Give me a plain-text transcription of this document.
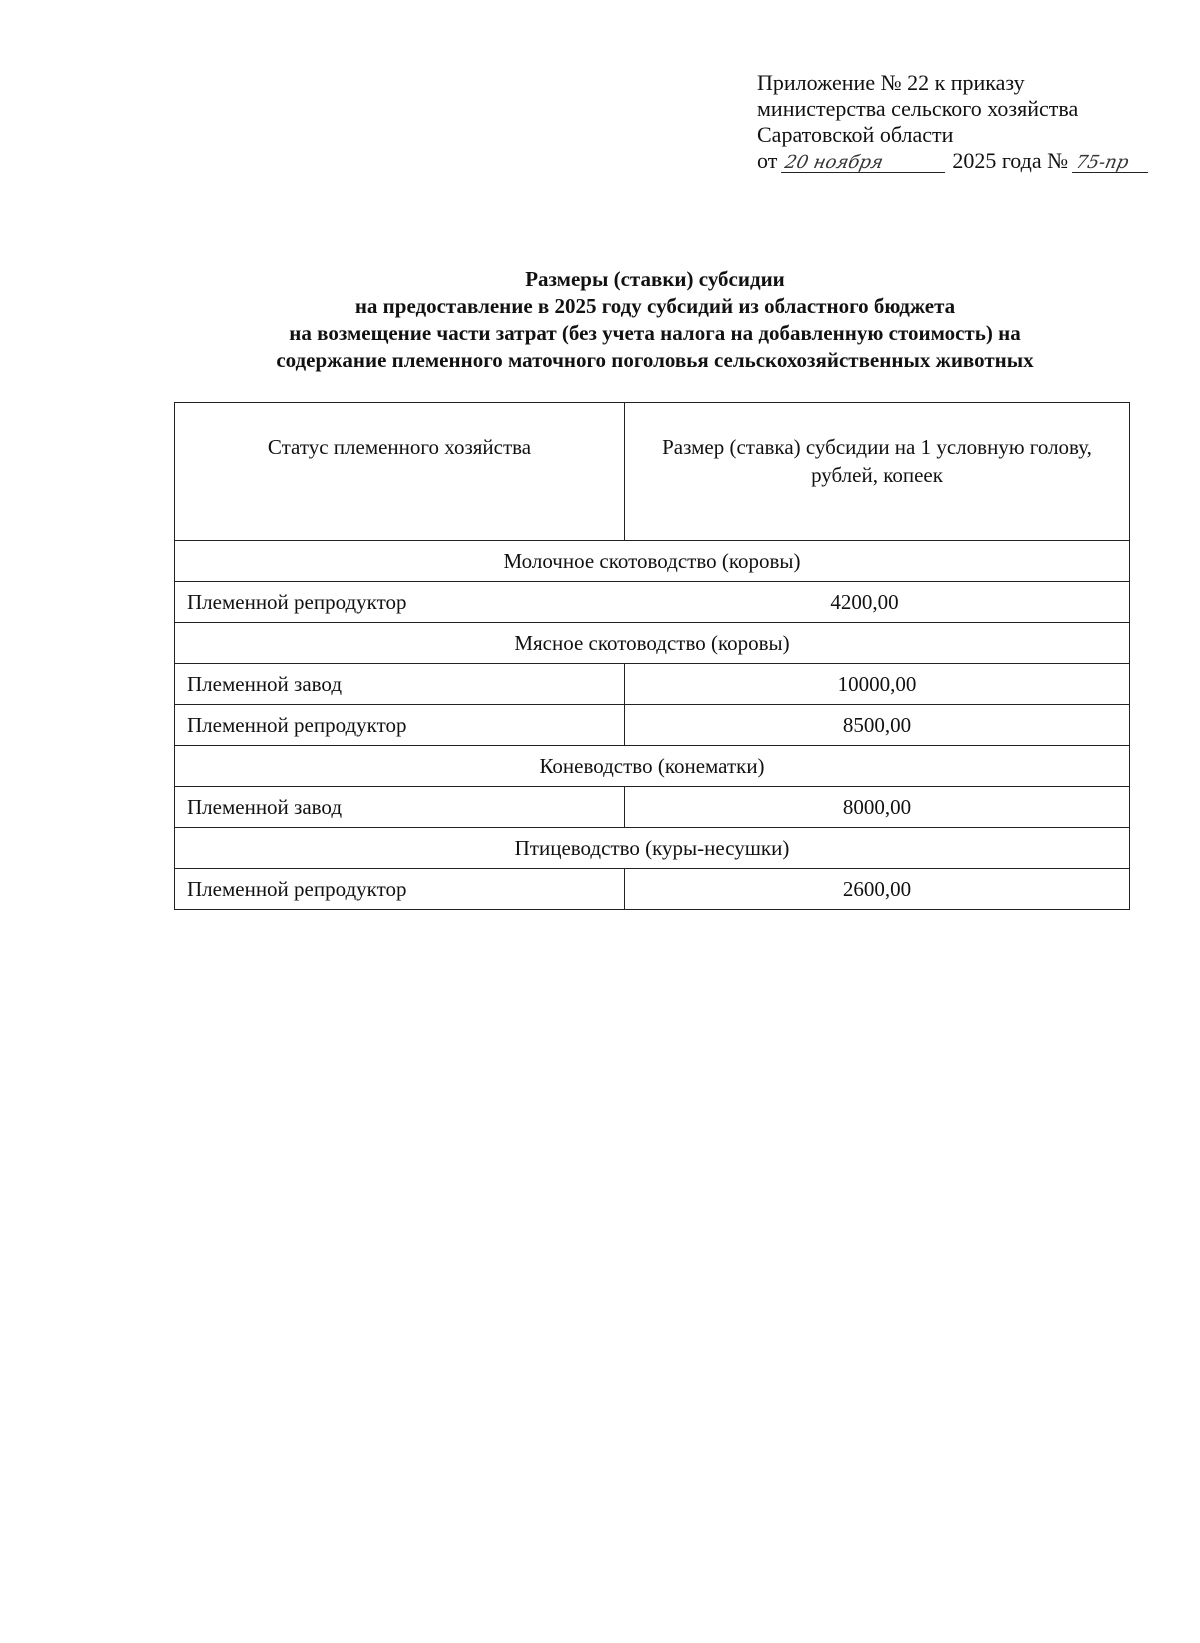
Приложение № 22 к приказу
министерства сельского хозяйства
Саратовской области
от 20 ноября	2025 года № 75-пр
Размеры (ставки) субсидии
на предоставление в 2025 году субсидий из областного бюджета
на возмещение части затрат (без учета налога на добавленную стоимость) на
содержание племенного маточного поголовья сельскохозяйственных животных
Статус племенного хозяйства	Размер (ставка) субсидии на 1 условную голову, рублей, копеек
Молочное скотоводство (коровы)	

Племенной репродуктор 4200,00	

Мясное скотоводство (коровы)	
Племенной завод	10000,00
Племенной репродуктор	8500,00
Коневодство (конематки)	
Племенной завод	8000,00
Птицеводство (куры-несушки)	
Племенной репродуктор	2600,00
